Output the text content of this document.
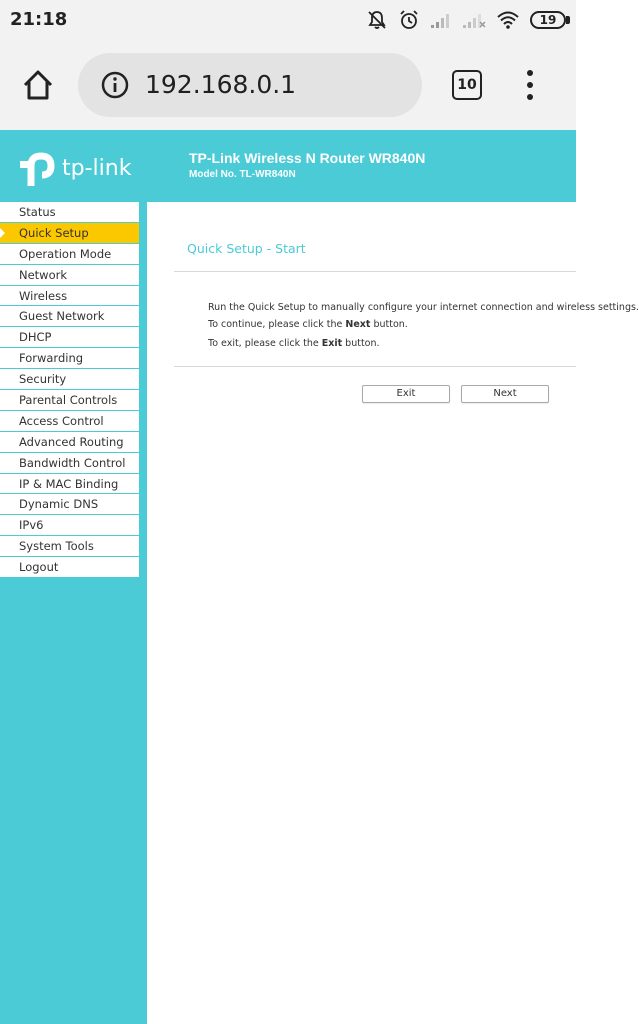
21:18	19
192.168.0.1	10
tp-link	TP-Link Wireless N Router WR840N
Model No. TL-WR840N
Status
Quick Setup
Operation Mode
Network
Wireless
Guest Network
DHCP
Forwarding
Security
Parental Controls
Access Control
Advanced Routing
Bandwidth Control
IP & MAC Binding
Dynamic DNS
IPv6
System Tools
Logout
Quick Setup - Start
Run the Quick Setup to manually configure your internet connection and wireless settings.
To continue, please click the Next button.
To exit, please click the Exit button.
Exit	Next
